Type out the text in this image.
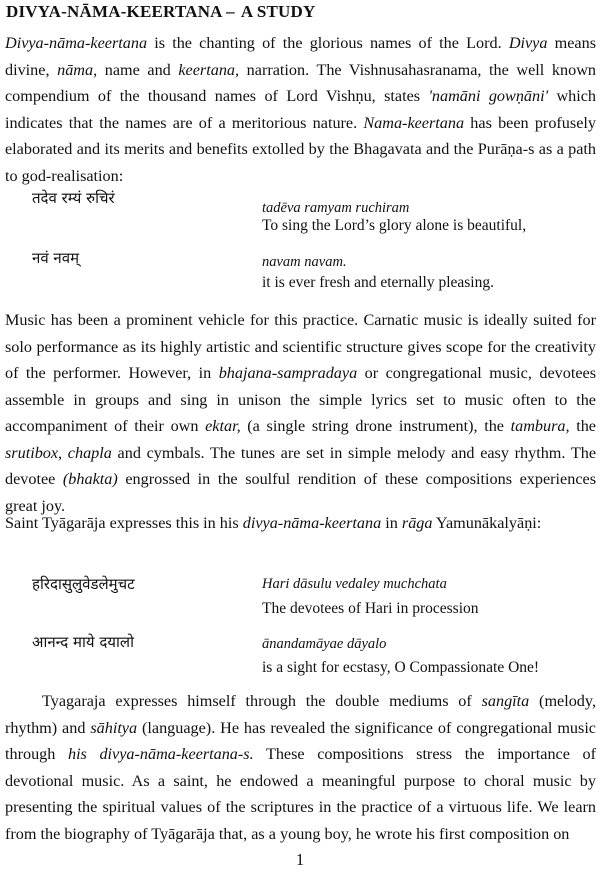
DIVYA-NĀMA-KEERTANA – A STUDY

Divya-nāma-keertana is the chanting of the glorious names of the Lord. Divya means divine, nāma, name and keertana, narration. The Vishnusahasranama, the well known compendium of the thousand names of Lord Vishṇu, states 'namāni gowṇāni' which indicates that the names are of a meritorious nature. Nama-keertana has been profusely elaborated and its merits and benefits extolled by the Bhagavata and the Purāṇa-s as a path to god-realisation:

तदेव रम्यं रुचिरं
tadēva ramyam ruchiram
To sing the Lord’s glory alone is beautiful,
नवं नवम्	navam navam.
it is ever fresh and eternally pleasing.

Music has been a prominent vehicle for this practice. Carnatic music is ideally suited for solo performance as its highly artistic and scientific structure gives scope for the creativity of the performer. However, in bhajana-sampradaya or congregational music, devotees assemble in groups and sing in unison the simple lyrics set to music often to the accompaniment of their own ektar, (a single string drone instrument), the tambura, the srutibox, chapla and cymbals. The tunes are set in simple melody and easy rhythm. The devotee (bhakta) engrossed in the soulful rendition of these compositions experiences great joy.

Saint Tyāgarāja expresses this in his divya-nāma-keertana in rāga Yamunākalyāṇi:

हरिदासुलुवेडलेमुचट	Hari dāsulu vedaley muchchata
The devotees of Hari in procession
आनन्द माये दयालो	ānandamāyae dāyalo
is a sight for ecstasy, O Compassionate One!

Tyagaraja expresses himself through the double mediums of sangīta (melody, rhythm) and sāhitya (language). He has revealed the significance of congregational music through his divya-nāma-keertana-s. These compositions stress the importance of devotional music. As a saint, he endowed a meaningful purpose to choral music by presenting the spiritual values of the scriptures in the practice of a virtuous life. We learn from the biography of Tyāgarāja that, as a young boy, he wrote his first composition on

1
